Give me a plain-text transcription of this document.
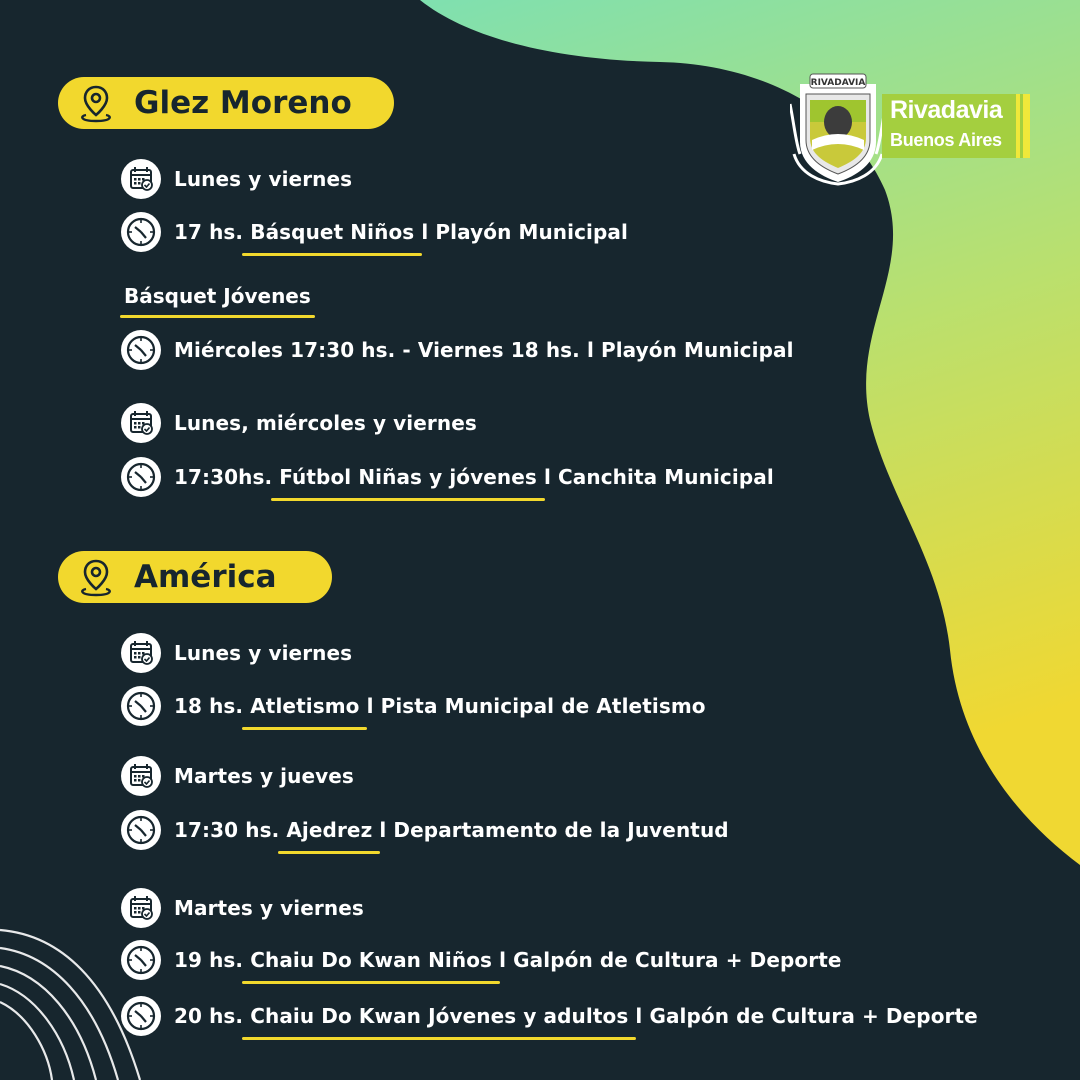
RIVADAVIA
Rivadavia
Buenos Aires
Glez Moreno
Lunes y viernes
17 hs. Básquet Niños l Playón Municipal
Básquet Jóvenes
Miércoles 17:30 hs. - Viernes 18 hs. l Playón Municipal
Lunes, miércoles y viernes
17:30hs. Fútbol Niñas y jóvenes l Canchita Municipal
América
Lunes y viernes
18 hs. Atletismo l Pista Municipal de Atletismo
Martes y jueves
17:30 hs. Ajedrez l Departamento de la Juventud
Martes y viernes
19 hs. Chaiu Do Kwan Niños l Galpón de Cultura + Deporte
20 hs. Chaiu Do Kwan Jóvenes y adultos l Galpón de Cultura + Deporte
